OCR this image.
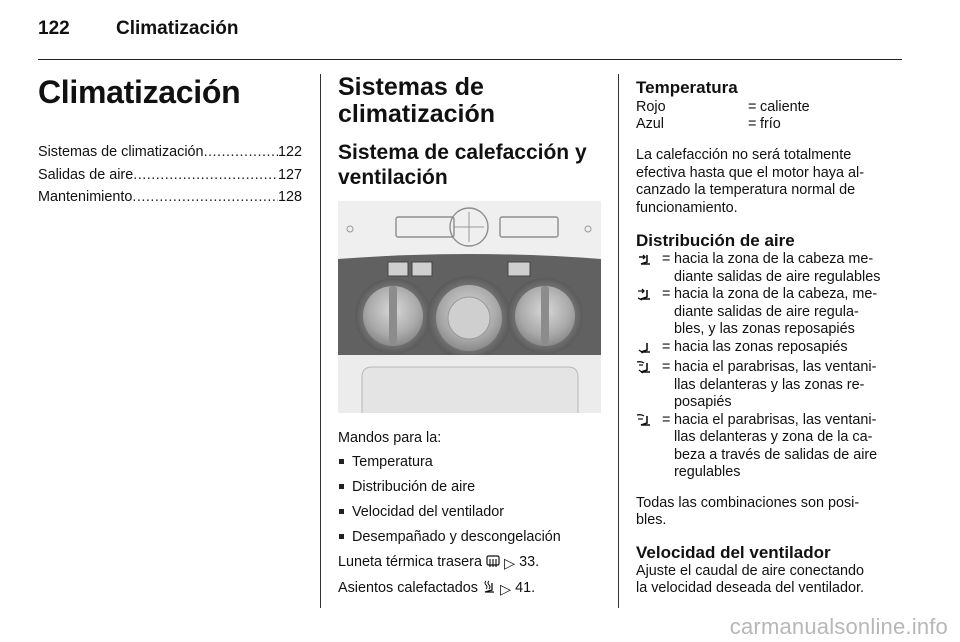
122 Climatización
Climatización
Sistemas de climatización .....	122
Salidas de aire .....	127
Mantenimiento .....	128
Sistemas de climatización
Sistema de calefacción y ventilación

Mandos para la:

Temperatura
Distribución de aire
Velocidad del ventilador
Desempañado y descongelación

Luneta térmica trasera ▷ 33.

Asientos calefactados ▷ 41.

Temperatura
Rojo	= caliente
Azul	= frío
La calefacción no será totalmente
efectiva hasta que el motor haya al-
canzado la temperatura normal de
funcionamiento.
Distribución de aire
= hacia la zona de la cabeza me-
diante salidas de aire regulables
= hacia la zona de la cabeza, me-
diante salidas de aire regula-
bles, y las zonas reposapiés
= hacia las zonas reposapiés
= hacia el parabrisas, las ventani-
llas delanteras y las zonas re-
posapiés
= hacia el parabrisas, las ventani-
llas delanteras y zona de la ca-
beza a través de salidas de aire
regulables
Todas las combinaciones son posi-
bles.
Velocidad del ventilador
Ajuste el caudal de aire conectando
la velocidad deseada del ventilador.
carmanualsonline.info
